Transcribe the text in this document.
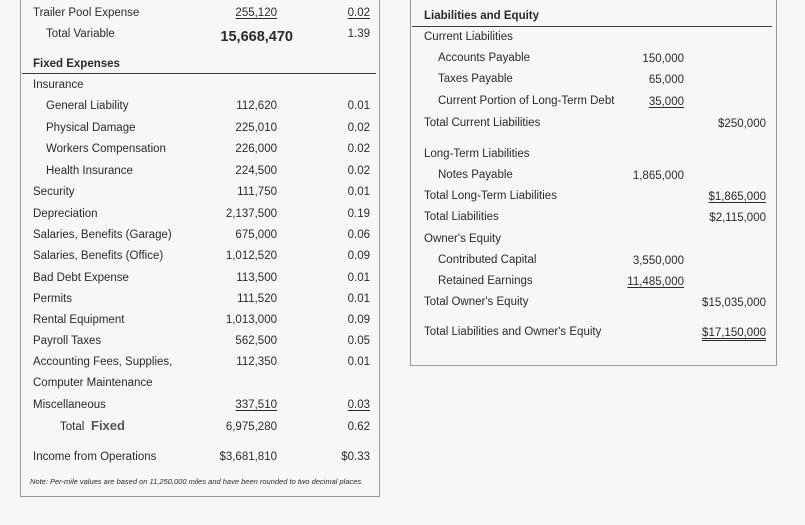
Trailer Pool Expense	255,120	0.02
Total Variable	15,668,470	1.39
Fixed Expenses
Insurance
General Liability	112,620	0.01
Physical Damage	225,010	0.02
Workers Compensation	226,000	0.02
Health Insurance	224,500	0.02
Security	111,750	0.01
Depreciation	2,137,500	0.19
Salaries, Benefits (Garage)	675,000	0.06
Salaries, Benefits (Office)	1,012,520	0.09
Bad Debt Expense	113,500	0.01
Permits	111,520	0.01
Rental Equipment	1,013,000	0.09
Payroll Taxes	562,500	0.05
Accounting Fees, Supplies,	112,350	0.01
Computer Maintenance
Miscellaneous	337,510	0.03
Total Fixed	6,975,280	0.62
Income from Operations	$3,681,810	$0.33
Note: Per-mile values are based on 11,250,000 miles and have been rounded to two decimal places.
Liabilities and Equity
Current Liabilities
Accounts Payable	150,000
Taxes Payable	65,000
Current Portion of Long-Term Debt	35,000
Total Current Liabilities	$250,000
Long-Term Liabilities
Notes Payable	1,865,000
Total Long-Term Liabilities	$1,865,000
Total Liabilities	$2,115,000
Owner's Equity
Contributed Capital	3,550,000
Retained Earnings	11,485,000
Total Owner's Equity	$15,035,000
Total Liabilities and Owner's Equity	$17,150,000
